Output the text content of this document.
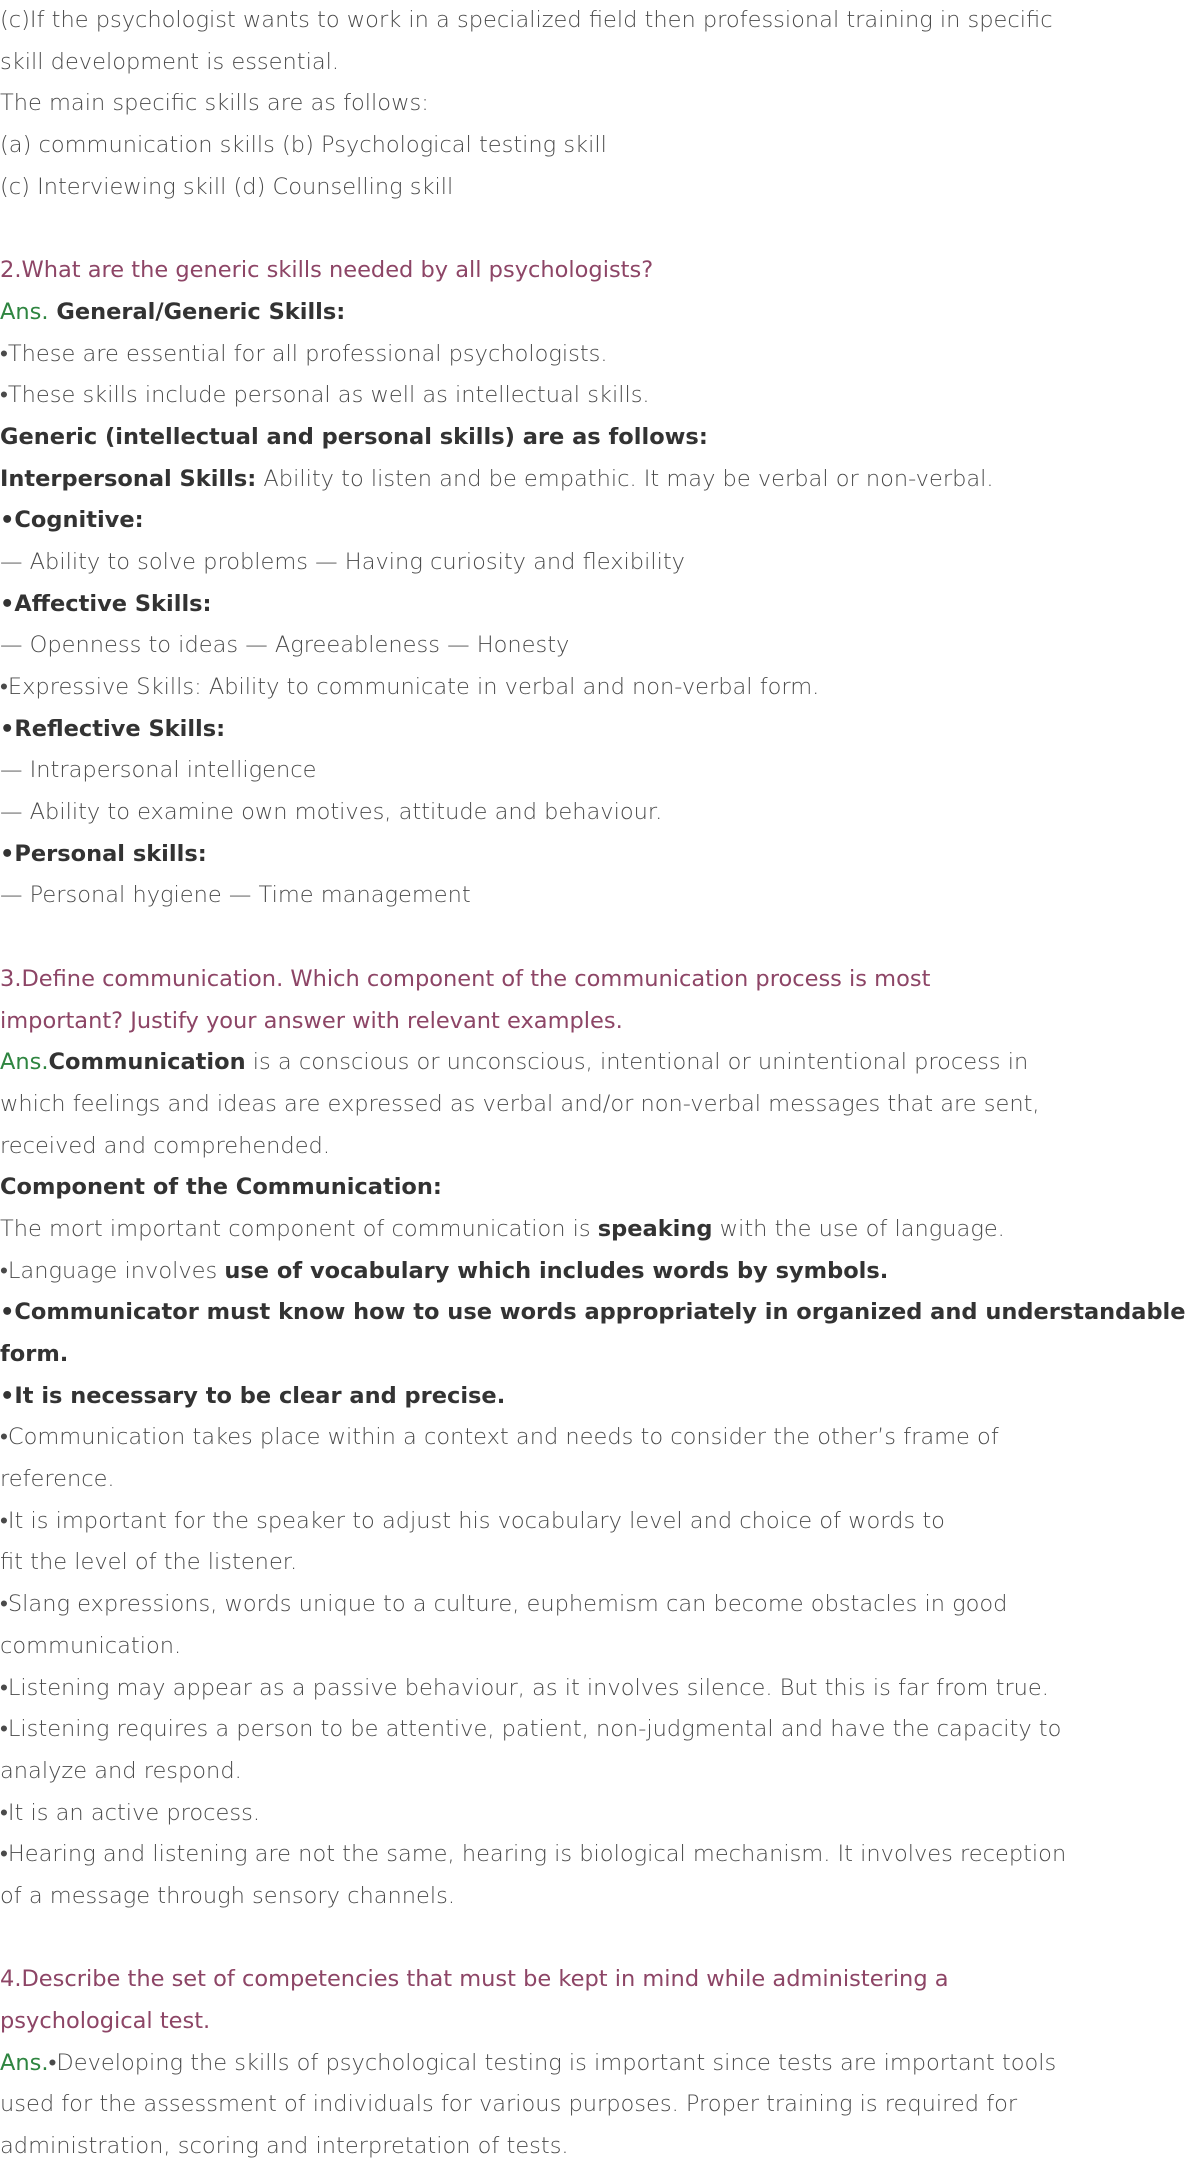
(c)If the psychologist wants to work in a specialized field then professional training in specific
skill development is essential.
The main specific skills are as follows:
(a) communication skills (b) Psychological testing skill
(c) Interviewing skill (d) Counselling skill
2.What are the generic skills needed by all psychologists?
Ans. General/Generic Skills:
•These are essential for all professional psychologists.
•These skills include personal as well as intellectual skills.
Generic (intellectual and personal skills) are as follows:
Interpersonal Skills: Ability to listen and be empathic. It may be verbal or non-verbal.
•Cognitive:
— Ability to solve problems — Having curiosity and flexibility
•Affective Skills:
— Openness to ideas — Agreeableness — Honesty
•Expressive Skills: Ability to communicate in verbal and non-verbal form.
•Reflective Skills:
— Intrapersonal intelligence
— Ability to examine own motives, attitude and behaviour.
•Personal skills:
— Personal hygiene — Time management
3.Define communication. Which component of the communication process is most
important? Justify your answer with relevant examples.
Ans.Communication is a conscious or unconscious, intentional or unintentional process in
which feelings and ideas are expressed as verbal and/or non-verbal messages that are sent,
received and comprehended.
Component of the Communication:
The mort important component of communication is speaking with the use of language.
•Language involves use of vocabulary which includes words by symbols.
•Communicator must know how to use words appropriately in organized and understandable
form.
•It is necessary to be clear and precise.
•Communication takes place within a context and needs to consider the other’s frame of
reference.
•It is important for the speaker to adjust his vocabulary level and choice of words to
fit the level of the listener.
•Slang expressions, words unique to a culture, euphemism can become obstacles in good
communication.
•Listening may appear as a passive behaviour, as it involves silence. But this is far from true.
•Listening requires a person to be attentive, patient, non-judgmental and have the capacity to
analyze and respond.
•It is an active process.
•Hearing and listening are not the same, hearing is biological mechanism. It involves reception
of a message through sensory channels.
4.Describe the set of competencies that must be kept in mind while administering a
psychological test.
Ans.•Developing the skills of psychological testing is important since tests are important tools
used for the assessment of individuals for various purposes. Proper training is required for
administration, scoring and interpretation of tests.
